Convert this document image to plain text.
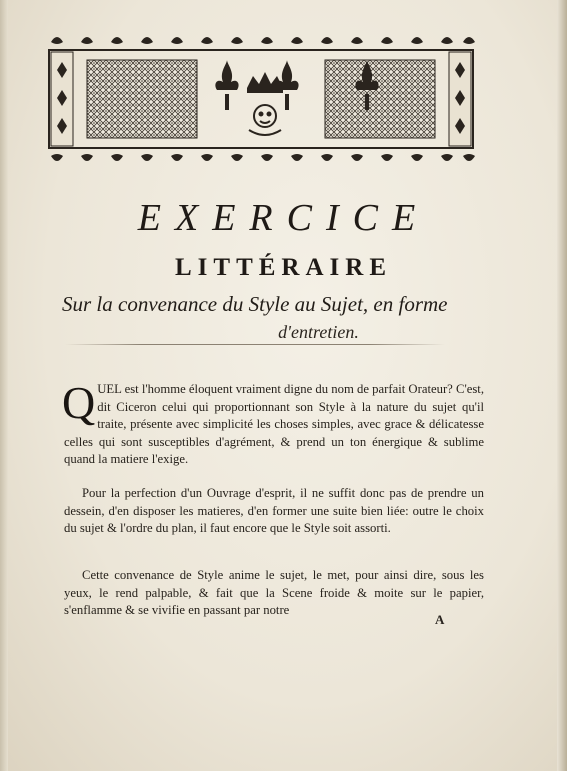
EXERCICE
LITTÉRAIRE
Sur la convenance du Style au Sujet, en forme
d'entretien.
QUEL est l'homme éloquent vraiment digne du nom de parfait Orateur? C'est, dit Ciceron celui qui proportionnant son Style à la nature du sujet qu'il traite, présente avec simplicité les choses simples, avec grace & délicatesse celles qui sont susceptibles d'agrément, & prend un ton énergique & sublime quand la matiere l'exige.
Pour la perfection d'un Ouvrage d'esprit, il ne suffit donc pas de prendre un dessein, d'en disposer les matieres, d'en former une suite bien liée: outre le choix du sujet & l'ordre du plan, il faut encore que le Style soit assorti.
Cette convenance de Style anime le sujet, le met, pour ainsi dire, sous les yeux, le rend palpable, & fait que la Scene froide & moite sur le papier, s'enflamme & se vivifie en passant par notre
A
